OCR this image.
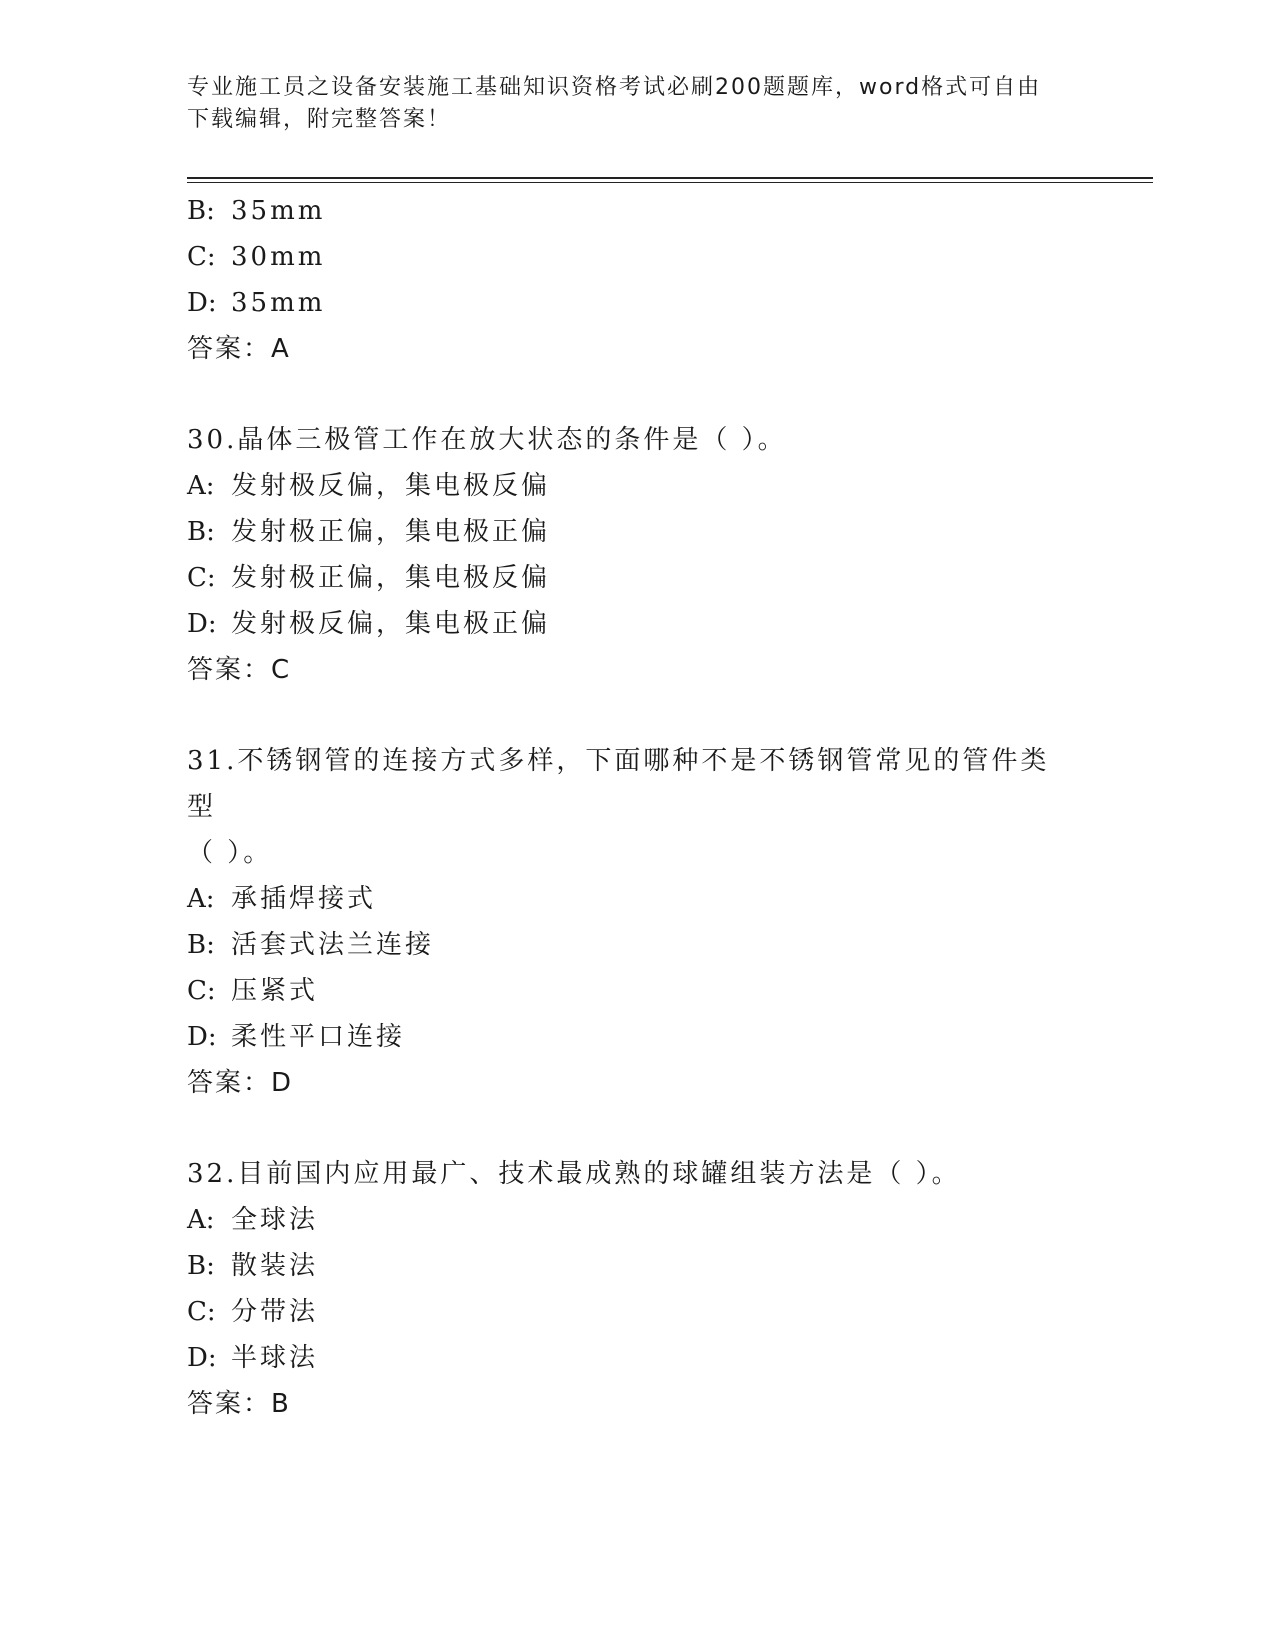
专业施工员之设备安装施工基础知识资格考试必刷200题题库，word格式可自由
下载编辑，附完整答案！
B: 35mm
C: 30mm
D: 35mm
答案：A
30.晶体三极管工作在放大状态的条件是（ ）。
A: 发射极反偏，集电极反偏
B: 发射极正偏，集电极正偏
C: 发射极正偏，集电极反偏
D: 发射极反偏，集电极正偏
答案：C
31.不锈钢管的连接方式多样，下面哪种不是不锈钢管常见的管件类型
（ ）。
A: 承插焊接式
B: 活套式法兰连接
C: 压紧式
D: 柔性平口连接
答案：D
32.目前国内应用最广、技术最成熟的球罐组装方法是（ ）。
A: 全球法
B: 散装法
C: 分带法
D: 半球法
答案：B
